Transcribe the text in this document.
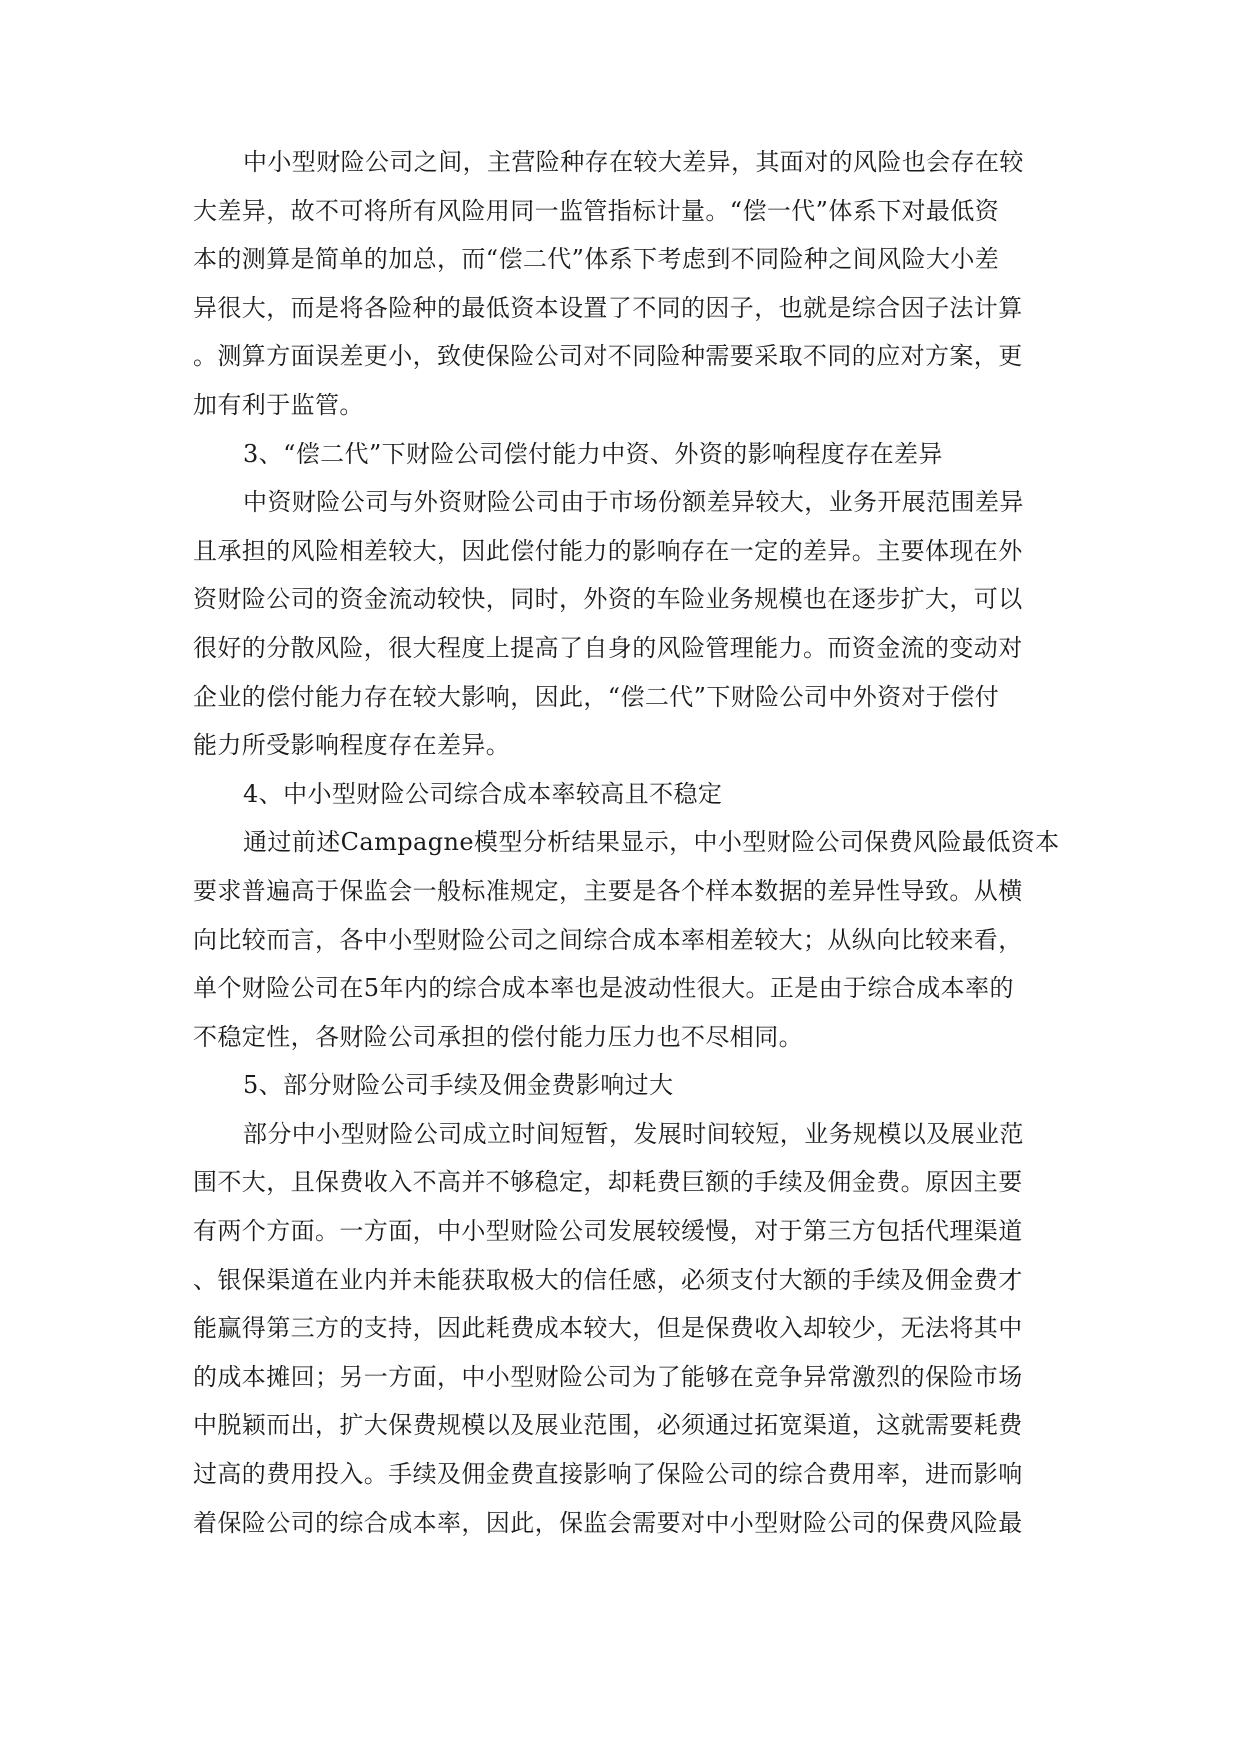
中小型财险公司之间，主营险种存在较大差异，其面对的风险也会存在较

大差异，故不可将所有风险用同一监管指标计量。“偿一代”体系下对最低资

本的测算是简单的加总，而“偿二代”体系下考虑到不同险种之间风险大小差

异很大，而是将各险种的最低资本设置了不同的因子，也就是综合因子法计算

。测算方面误差更小，致使保险公司对不同险种需要采取不同的应对方案，更

加有利于监管。

3、“偿二代”下财险公司偿付能力中资、外资的影响程度存在差异

中资财险公司与外资财险公司由于市场份额差异较大，业务开展范围差异

且承担的风险相差较大，因此偿付能力的影响存在一定的差异。主要体现在外

资财险公司的资金流动较快，同时，外资的车险业务规模也在逐步扩大，可以

很好的分散风险，很大程度上提高了自身的风险管理能力。而资金流的变动对

企业的偿付能力存在较大影响，因此，“偿二代”下财险公司中外资对于偿付

能力所受影响程度存在差异。

4、中小型财险公司综合成本率较高且不稳定

通过前述Campagne模型分析结果显示，中小型财险公司保费风险最低资本

要求普遍高于保监会一般标准规定，主要是各个样本数据的差异性导致。从横

向比较而言，各中小型财险公司之间综合成本率相差较大；从纵向比较来看，

单个财险公司在5年内的综合成本率也是波动性很大。正是由于综合成本率的

不稳定性，各财险公司承担的偿付能力压力也不尽相同。

5、部分财险公司手续及佣金费影响过大

部分中小型财险公司成立时间短暂，发展时间较短，业务规模以及展业范

围不大，且保费收入不高并不够稳定，却耗费巨额的手续及佣金费。原因主要

有两个方面。一方面，中小型财险公司发展较缓慢，对于第三方包括代理渠道

、银保渠道在业内并未能获取极大的信任感，必须支付大额的手续及佣金费才

能赢得第三方的支持，因此耗费成本较大，但是保费收入却较少，无法将其中

的成本摊回；另一方面，中小型财险公司为了能够在竞争异常激烈的保险市场

中脱颖而出，扩大保费规模以及展业范围，必须通过拓宽渠道，这就需要耗费

过高的费用投入。手续及佣金费直接影响了保险公司的综合费用率，进而影响

着保险公司的综合成本率，因此，保监会需要对中小型财险公司的保费风险最
